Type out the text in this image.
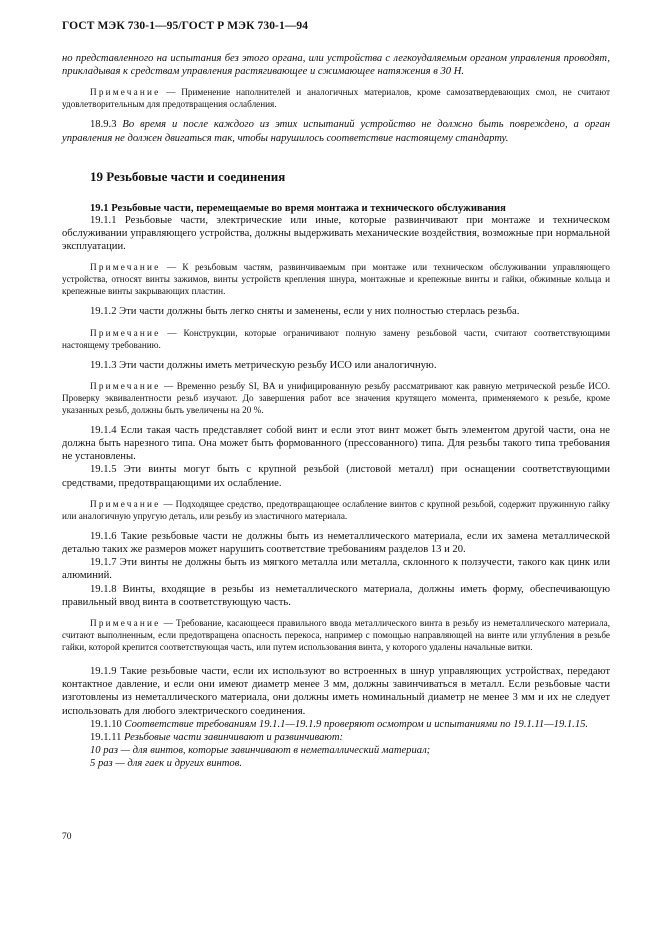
ГОСТ МЭК 730-1—95/ГОСТ Р МЭК 730-1—94

но представленного на испытания без этого органа, или устройства с легкоудаляемым органом управления проводят, прикладывая к средствам управления растягивающее и сжимающее натяжения в 30 Н.

Примечание — Применение наполнителей и аналогичных материалов, кроме самозатвердевающих смол, не считают удовлетворительным для предотвращения ослабления.

18.9.3 Во время и после каждого из этих испытаний устройство не должно быть повреждено, а орган управления не должен двигаться так, чтобы нарушилось соответствие настоящему стандарту.

19 Резьбовые части и соединения
19.1 Резьбовые части, перемещаемые во время монтажа и технического обслуживания

19.1.1 Резьбовые части, электрические или иные, которые развинчивают при монтаже и техническом обслуживании управляющего устройства, должны выдерживать механические воздействия, возможные при нормальной эксплуатации.

Примечание — К резьбовым частям, развинчиваемым при монтаже или техническом обслуживании управляющего устройства, относят винты зажимов, винты устройств крепления шнура, монтажные и крепежные винты и гайки, обжимные кольца и крепежные винты закрывающих пластин.

19.1.2 Эти части должны быть легко сняты и заменены, если у них полностью стерлась резьба.

Примечание — Конструкции, которые ограничивают полную замену резьбовой части, считают соответствующими настоящему требованию.

19.1.3 Эти части должны иметь метрическую резьбу ИСО или аналогичную.

Примечание — Временно резьбу SI, BA и унифицированную резьбу рассматривают как равную метрической резьбе ИСО. Проверку эквивалентности резьб изучают. До завершения работ все значения крутящего момента, применяемого к резьбе, кроме указанных резьб, должны быть увеличены на 20 %.

19.1.4 Если такая часть представляет собой винт и если этот винт может быть элементом другой части, она не должна быть нарезного типа. Она может быть формованного (прессованного) типа. Для резьбы такого типа требования не установлены.

19.1.5 Эти винты могут быть с крупной резьбой (листовой металл) при оснащении соответствующими средствами, предотвращающими их ослабление.

Примечание — Подходящее средство, предотвращающее ослабление винтов с крупной резьбой, содержит пружинную гайку или аналогичную упругую деталь, или резьбу из эластичного материала.

19.1.6 Такие резьбовые части не должны быть из неметаллического материала, если их замена металлической деталью таких же размеров может нарушить соответствие требованиям разделов 13 и 20.

19.1.7 Эти винты не должны быть из мягкого металла или металла, склонного к ползучести, такого как цинк или алюминий.

19.1.8 Винты, входящие в резьбы из неметаллического материала, должны иметь форму, обеспечивающую правильный ввод винта в соответствующую часть.

Примечание — Требование, касающееся правильного ввода металлического винта в резьбу из неметаллического материала, считают выполненным, если предотвращена опасность перекоса, например с помощью направляющей на винте или углубления в резьбе гайки, которой крепится соответствующая часть, или путем использования винта, у которого удалены начальные витки.

19.1.9 Такие резьбовые части, если их используют во встроенных в шнур управляющих устройствах, передают контактное давление, и если они имеют диаметр менее 3 мм, должны завинчиваться в металл. Если резьбовые части изготовлены из неметаллического материала, они должны иметь номинальный диаметр не менее 3 мм и их не следует использовать для любого электрического соединения.

19.1.10 Соответствие требованиям 19.1.1—19.1.9 проверяют осмотром и испытаниями по 19.1.11—19.1.15.

19.1.11 Резьбовые части завинчивают и развинчивают:

10 раз — для винтов, которые завинчивают в неметаллический материал;

5 раз — для гаек и других винтов.

70
